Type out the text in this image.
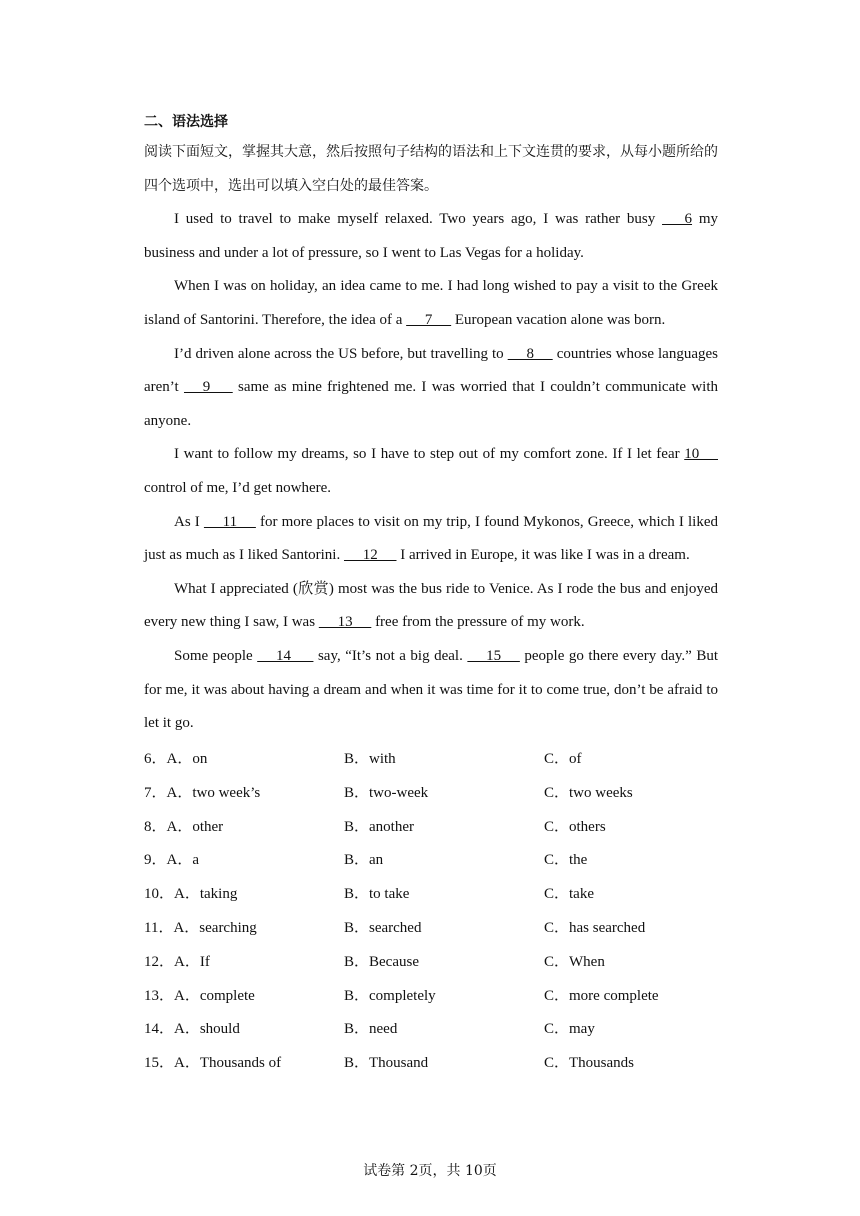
二、语法选择

阅读下面短文，掌握其大意，然后按照句子结构的语法和上下文连贯的要求，从每小题所给的四个选项中，选出可以填入空白处的最佳答案。

I used to travel to make myself relaxed. Two years ago, I was rather busy       6 my business and under a lot of pressure, so I went to Las Vegas for a holiday.

When I was on holiday, an idea came to me. I had long wished to pay a visit to the Greek island of Santorini. Therefore, the idea of a      7      European vacation alone was born.

I’d driven alone across the US before, but travelling to      8      countries whose languages aren’t      9       same as mine frightened me. I was worried that I couldn’t communicate with anyone.

I want to follow my dreams, so I have to step out of my comfort zone. If I let fear 10      control of me, I’d get nowhere.

As I      11      for more places to visit on my trip, I found Mykonos, Greece, which I liked just as much as I liked Santorini.      12      I arrived in Europe, it was like I was in a dream.

What I appreciated (欣赏) most was the bus ride to Venice. As I rode the bus and enjoyed every new thing I saw, I was      13      free from the pressure of my work.

Some people      14       say, “It’s not a big deal.      15      people go there every day.” But for me, it was about having a dream and when it was time for it to come true, don’t be afraid to let it go.

6．A．on	B．with	C．of
7．A．two week’s	B．two-week	C．two weeks
8．A．other	B．another	C．others
9．A．a	B．an	C．the
10．A．taking	B．to take	C．take
11．A．searching	B．searched	C．has searched
12．A．If	B．Because	C．When
13．A．complete	B．completely	C．more complete
14．A．should	B．need	C．may
15．A．Thousands of	B．Thousand	C．Thousands
试卷第 2页，共 10页
